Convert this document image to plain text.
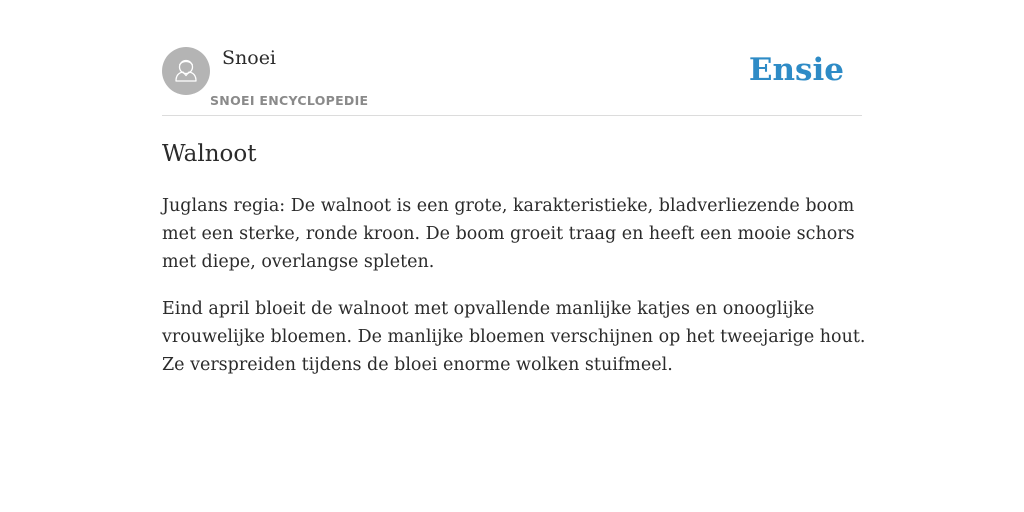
Snoei
SNOEI ENCYCLOPEDIE
Ensie
Walnoot

Juglans regia: De walnoot is een grote, karakteristieke, bladverliezende boom met een sterke, ronde kroon. De boom groeit traag en heeft een mooie schors met diepe, overlangse spleten.

Eind april bloeit de walnoot met opvallende manlijke katjes en onooglijke vrouwelijke bloemen. De manlijke bloemen verschijnen op het tweejarige hout. Ze verspreiden tijdens de bloei enorme wolken stuifmeel.
